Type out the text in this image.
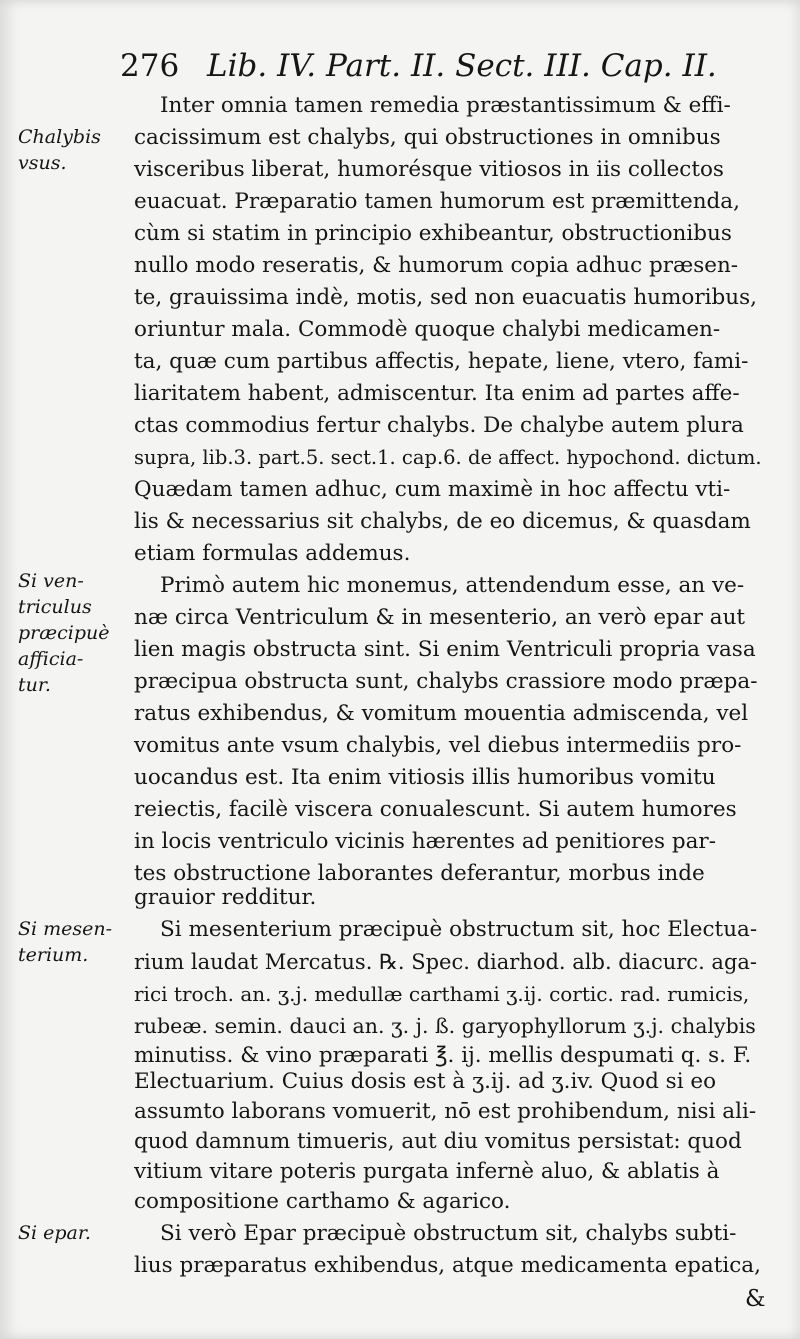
276 Lib. IV. Part. II. Sect. III. Cap. II.
Chalybis
vsus.
Si ven-
triculus
præcipuè
afficia-
tur.
Si mesen-
terium.
Si epar.
Inter omnia tamen remedia præstantissimum & effi-
cacissimum est chalybs, qui obstructiones in omnibus
visceribus liberat, humorésque vitiosos in iis collectos
euacuat. Præparatio tamen humorum est præmittenda,
cùm si statim in principio exhibeantur, obstructionibus
nullo modo reseratis, & humorum copia adhuc præsen-
te, grauissima indè, motis, sed non euacuatis humoribus,
oriuntur mala. Commodè quoque chalybi medicamen-
ta, quæ cum partibus affectis, hepate, liene, vtero, fami-
liaritatem habent, admiscentur. Ita enim ad partes affe-
ctas commodius fertur chalybs. De chalybe autem plura
supra, lib.3. part.5. sect.1. cap.6. de affect. hypochond. dictum.
Quædam tamen adhuc, cum maximè in hoc affectu vti-
lis & necessarius sit chalybs, de eo dicemus, & quasdam
etiam formulas addemus.
Primò autem hic monemus, attendendum esse, an ve-
næ circa Ventriculum & in mesenterio, an verò epar aut
lien magis obstructa sint. Si enim Ventriculi propria vasa
præcipua obstructa sunt, chalybs crassiore modo præpa-
ratus exhibendus, & vomitum mouentia admiscenda, vel
vomitus ante vsum chalybis, vel diebus intermediis pro-
uocandus est. Ita enim vitiosis illis humoribus vomitu
reiectis, facilè viscera conualescunt. Si autem humores
in locis ventriculo vicinis hærentes ad penitiores par-
tes obstructione laborantes deferantur, morbus inde
grauior redditur.
Si mesenterium præcipuè obstructum sit, hoc Electua-
rium laudat Mercatus. ℞. Spec. diarhod. alb. diacurc. aga-
rici troch. an. ʒ.j. medullæ carthami ʒ.ij. cortic. rad. rumicis,
rubeæ. semin. dauci an. ʒ. j. ß. garyophyllorum ʒ.j. chalybis
minutiss. & vino præparati ℥. ij. mellis despumati q. s. F.
Electuarium. Cuius dosis est à ʒ.ij. ad ʒ.iv. Quod si eo
assumto laborans vomuerit, nō est prohibendum, nisi ali-
quod damnum timueris, aut diu vomitus persistat: quod
vitium vitare poteris purgata infernè aluo, & ablatis à
compositione carthamo & agarico.
Si verò Epar præcipuè obstructum sit, chalybs subti-
lius præparatus exhibendus, atque medicamenta epatica,
&
